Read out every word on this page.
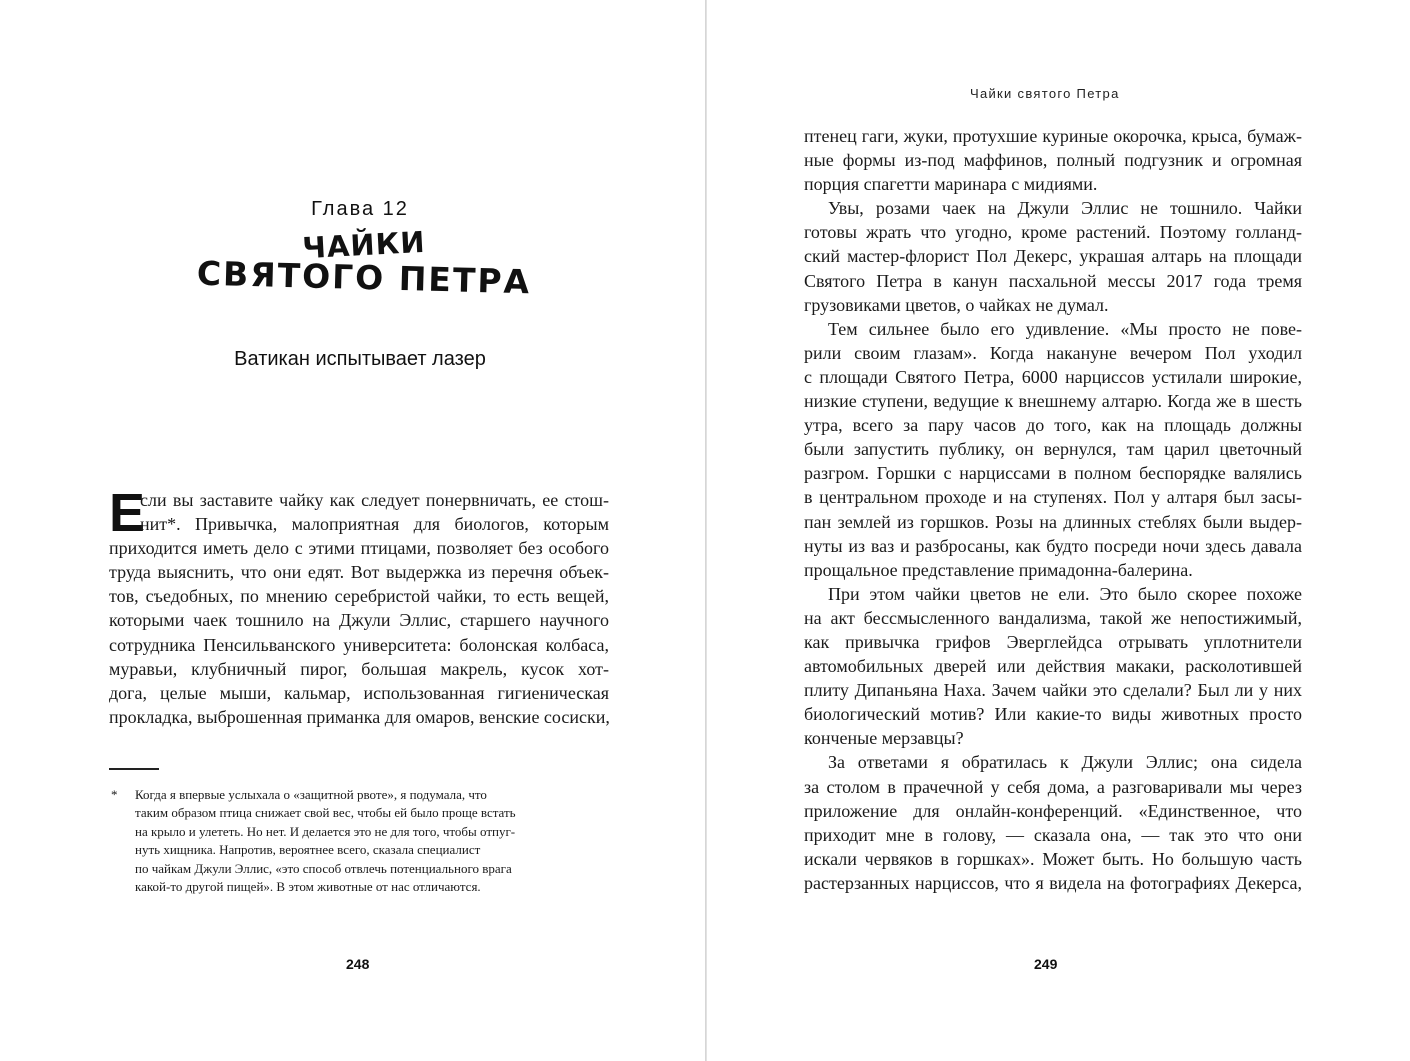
Глава 12
ЧАЙКИ
СВЯТОГО ПЕТРА
Ватикан испытывает лазер
Е
сли вы заставите чайку как следует понервничать, ее стош-
нит*. Привычка, малоприятная для биологов, которым
приходится иметь дело с этими птицами, позволяет без особого
труда выяснить, что они едят. Вот выдержка из перечня объек-
тов, съедобных, по мнению серебристой чайки, то есть вещей,
которыми чаек тошнило на Джули Эллис, старшего научного
сотрудника Пенсильванского университета: болонская колбаса,
муравьи, клубничный пирог, большая макрель, кусок хот-
дога, целые мыши, кальмар, использованная гигиеническая
прокладка, выброшенная приманка для омаров, венские сосиски,
* Когда я впервые услыхала о «защитной рвоте», я подумала, что
таким образом птица снижает свой вес, чтобы ей было проще встать
на крыло и улететь. Но нет. И делается это не для того, чтобы отпуг-
нуть хищника. Напротив, вероятнее всего, сказала специалист
по чайкам Джули Эллис, «это способ отвлечь потенциального врага
какой-то другой пищей». В этом животные от нас отличаются.
248
Чайки святого Петра
птенец гаги, жуки, протухшие куриные окорочка, крыса, бумаж-
ные формы из-под маффинов, полный подгузник и огромная
порция спагетти маринара с мидиями.
Увы, розами чаек на Джули Эллис не тошнило. Чайки
готовы жрать что угодно, кроме растений. Поэтому голланд-
ский мастер-флорист Пол Декерс, украшая алтарь на площади
Святого Петра в канун пасхальной мессы 2017 года тремя
грузовиками цветов, о чайках не думал.
Тем сильнее было его удивление. «Мы просто не пове-
рили своим глазам». Когда накануне вечером Пол уходил
с площади Святого Петра, 6000 нарциссов устилали широкие,
низкие ступени, ведущие к внешнему алтарю. Когда же в шесть
утра, всего за пару часов до того, как на площадь должны
были запустить публику, он вернулся, там царил цветочный
разгром. Горшки с нарциссами в полном беспорядке валялись
в центральном проходе и на ступенях. Пол у алтаря был засы-
пан землей из горшков. Розы на длинных стеблях были выдер-
нуты из ваз и разбросаны, как будто посреди ночи здесь давала
прощальное представление примадонна-балерина.
При этом чайки цветов не ели. Это было скорее похоже
на акт бессмысленного вандализма, такой же непостижимый,
как привычка грифов Эверглейдса отрывать уплотнители
автомобильных дверей или действия макаки, расколотившей
плиту Дипаньяна Наха. Зачем чайки это сделали? Был ли у них
биологический мотив? Или какие-то виды животных просто
конченые мерзавцы?
За ответами я обратилась к Джули Эллис; она сидела
за столом в прачечной у себя дома, а разговаривали мы через
приложение для онлайн-конференций. «Единственное, что
приходит мне в голову, — сказала она, — так это что они
искали червяков в горшках». Может быть. Но большую часть
растерзанных нарциссов, что я видела на фотографиях Декерса,
249
